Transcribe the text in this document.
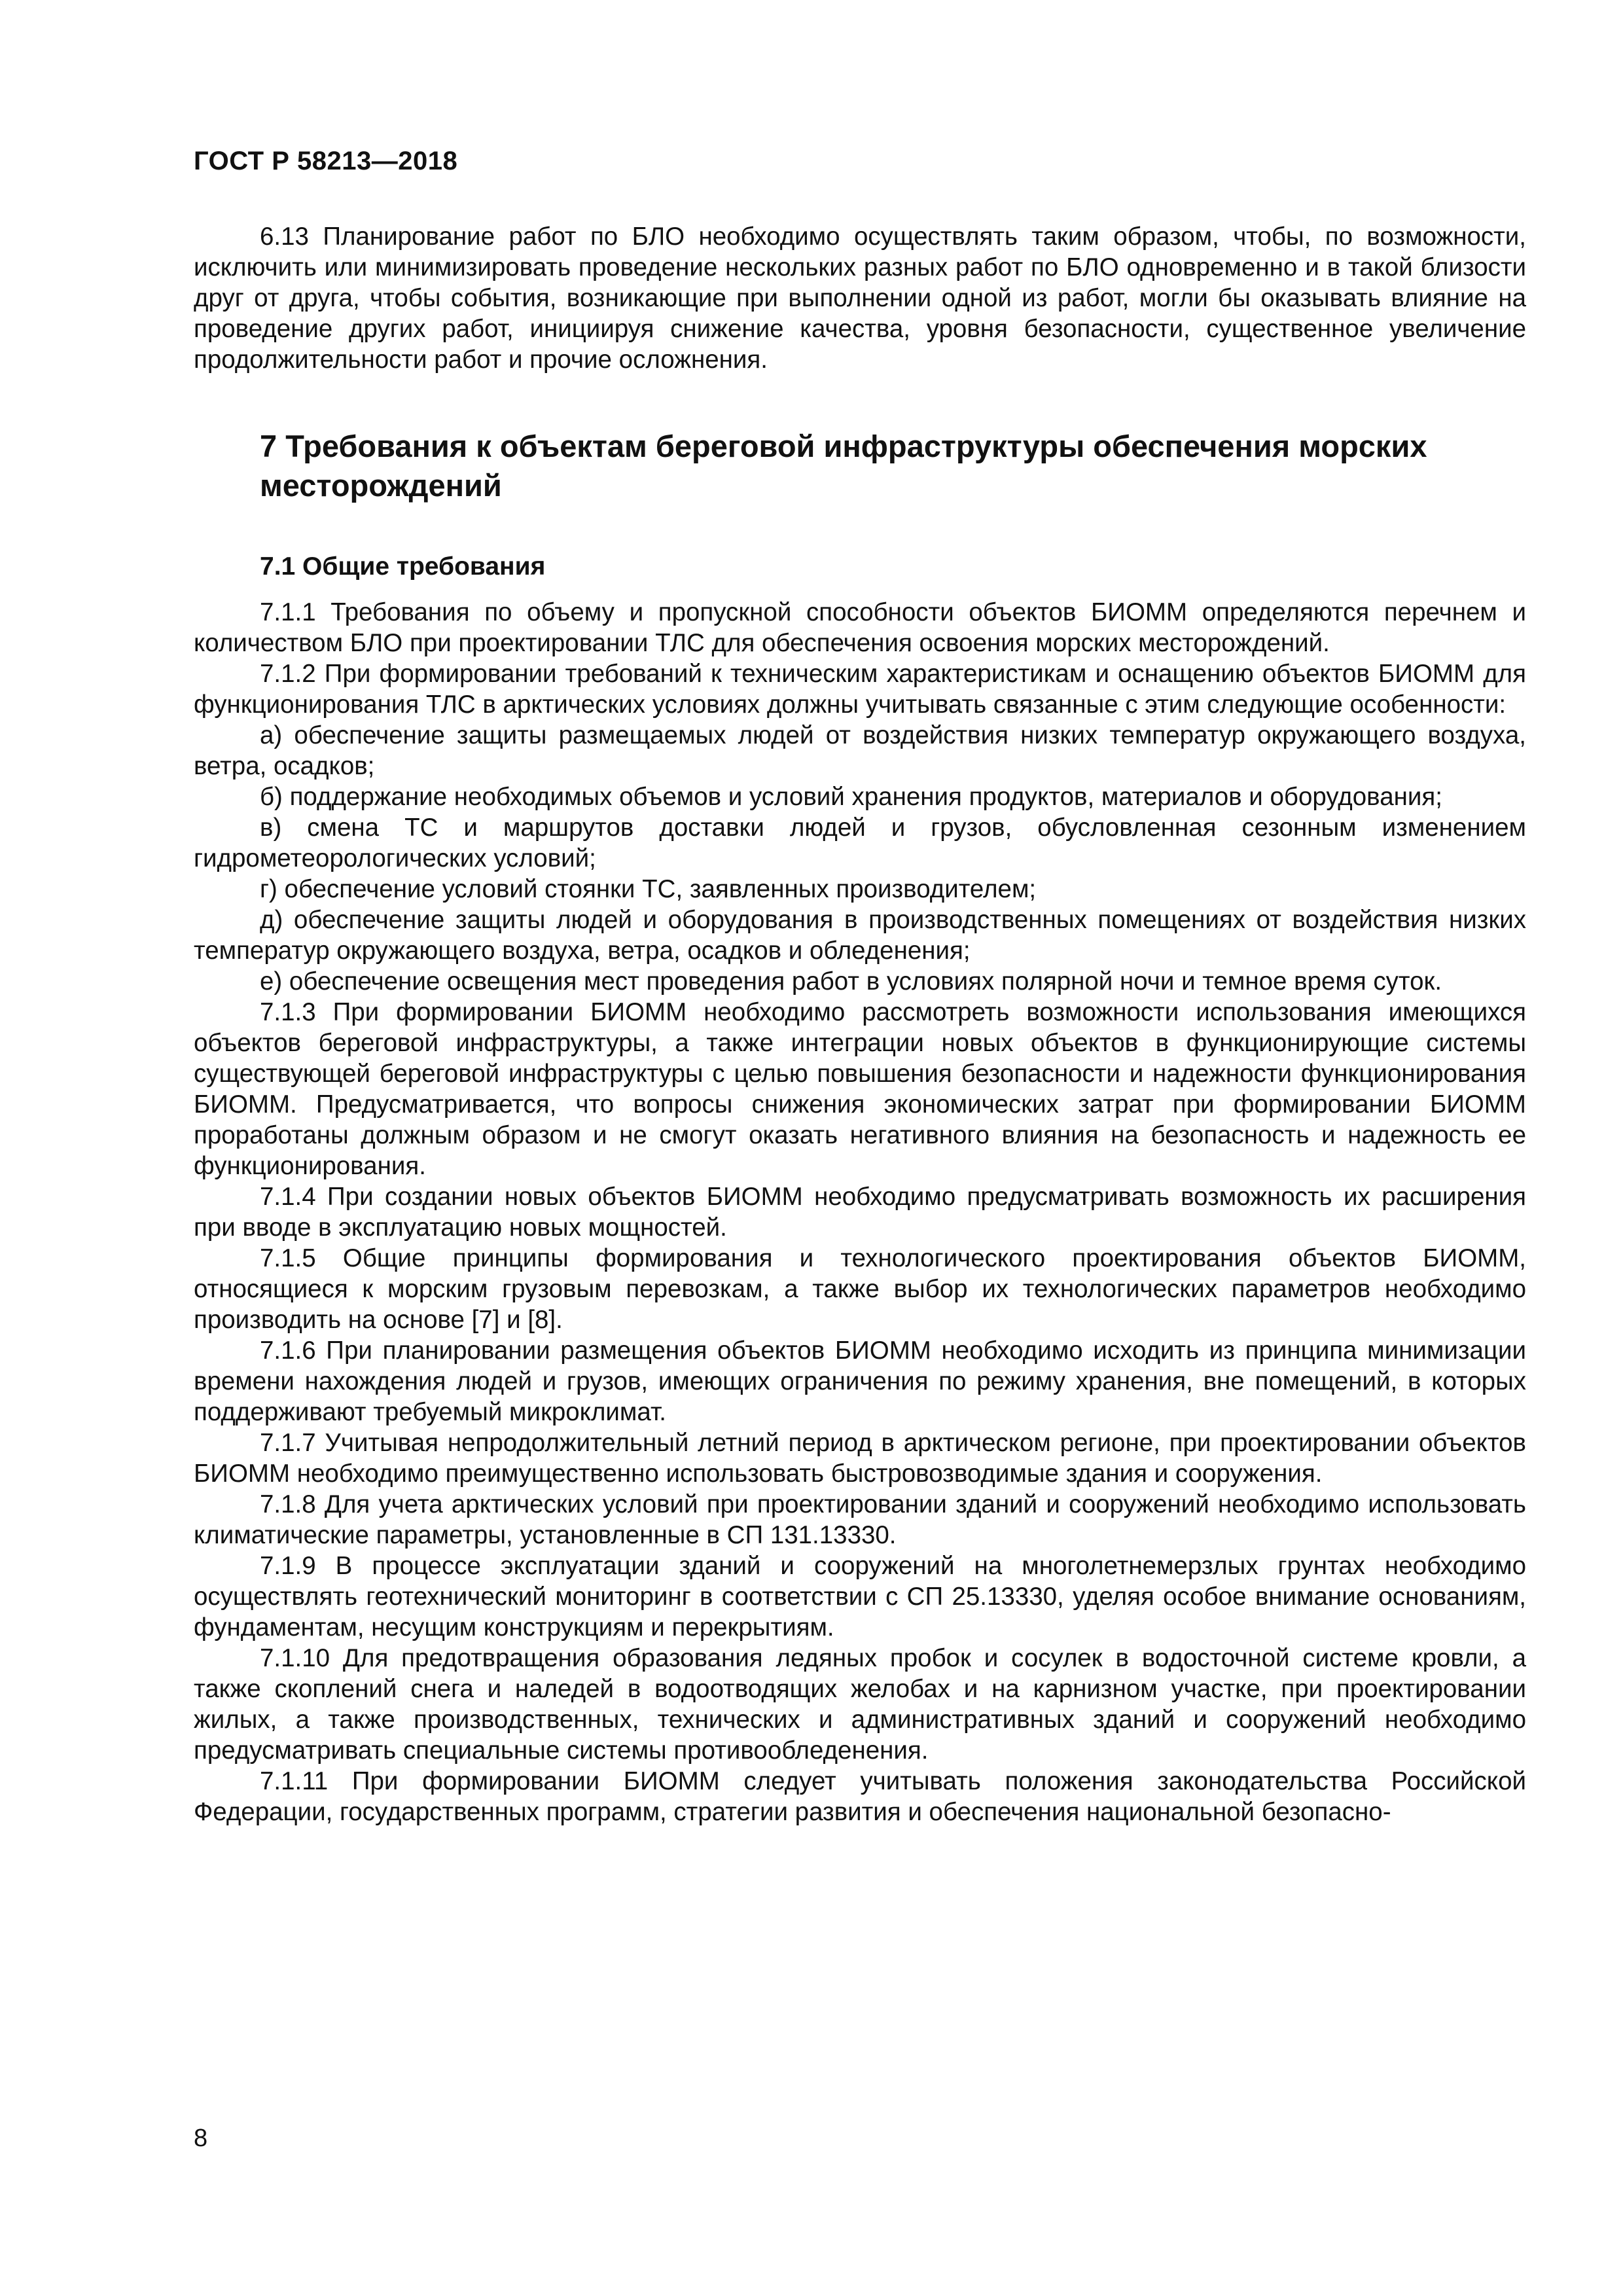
ГОСТ Р 58213—2018

6.13 Планирование работ по БЛО необходимо осуществлять таким образом, чтобы, по возможности, исключить или минимизировать проведение нескольких разных работ по БЛО одновременно и в такой близости друг от друга, чтобы события, возникающие при выполнении одной из работ, могли бы оказывать влияние на проведение других работ, инициируя снижение качества, уровня безопасности, существенное увеличение продолжительности работ и прочие осложнения.

7 Требования к объектам береговой инфраструктуры обеспечения морских месторождений
7.1 Общие требования

7.1.1 Требования по объему и пропускной способности объектов БИОММ определяются перечнем и количеством БЛО при проектировании ТЛС для обеспечения освоения морских месторождений.

7.1.2 При формировании требований к техническим характеристикам и оснащению объектов БИОММ для функционирования ТЛС в арктических условиях должны учитывать связанные с этим следующие особенности:

а) обеспечение защиты размещаемых людей от воздействия низких температур окружающего воздуха, ветра, осадков;

б) поддержание необходимых объемов и условий хранения продуктов, материалов и оборудования;

в) смена ТС и маршрутов доставки людей и грузов, обусловленная сезонным изменением гидрометеорологических условий;

г) обеспечение условий стоянки ТС, заявленных производителем;

д) обеспечение защиты людей и оборудования в производственных помещениях от воздействия низких температур окружающего воздуха, ветра, осадков и обледенения;

е) обеспечение освещения мест проведения работ в условиях полярной ночи и темное время суток.

7.1.3 При формировании БИОММ необходимо рассмотреть возможности использования имеющихся объектов береговой инфраструктуры, а также интеграции новых объектов в функционирующие системы существующей береговой инфраструктуры с целью повышения безопасности и надежности функционирования БИОММ. Предусматривается, что вопросы снижения экономических затрат при формировании БИОММ проработаны должным образом и не смогут оказать негативного влияния на безопасность и надежность ее функционирования.

7.1.4 При создании новых объектов БИОММ необходимо предусматривать возможность их расширения при вводе в эксплуатацию новых мощностей.

7.1.5 Общие принципы формирования и технологического проектирования объектов БИОММ, относящиеся к морским грузовым перевозкам, а также выбор их технологических параметров необходимо производить на основе [7] и [8].

7.1.6 При планировании размещения объектов БИОММ необходимо исходить из принципа минимизации времени нахождения людей и грузов, имеющих ограничения по режиму хранения, вне помещений, в которых поддерживают требуемый микроклимат.

7.1.7 Учитывая непродолжительный летний период в арктическом регионе, при проектировании объектов БИОММ необходимо преимущественно использовать быстровозводимые здания и сооружения.

7.1.8 Для учета арктических условий при проектировании зданий и сооружений необходимо использовать климатические параметры, установленные в СП 131.13330.

7.1.9 В процессе эксплуатации зданий и сооружений на многолетнемерзлых грунтах необходимо осуществлять геотехнический мониторинг в соответствии с СП 25.13330, уделяя особое внимание основаниям, фундаментам, несущим конструкциям и перекрытиям.

7.1.10 Для предотвращения образования ледяных пробок и сосулек в водосточной системе кровли, а также скоплений снега и наледей в водоотводящих желобах и на карнизном участке, при проектировании жилых, а также производственных, технических и административных зданий и сооружений необходимо предусматривать специальные системы противообледенения.

7.1.11 При формировании БИОММ следует учитывать положения законодательства Российской Федерации, государственных программ, стратегии развития и обеспечения национальной безопасно-

8
